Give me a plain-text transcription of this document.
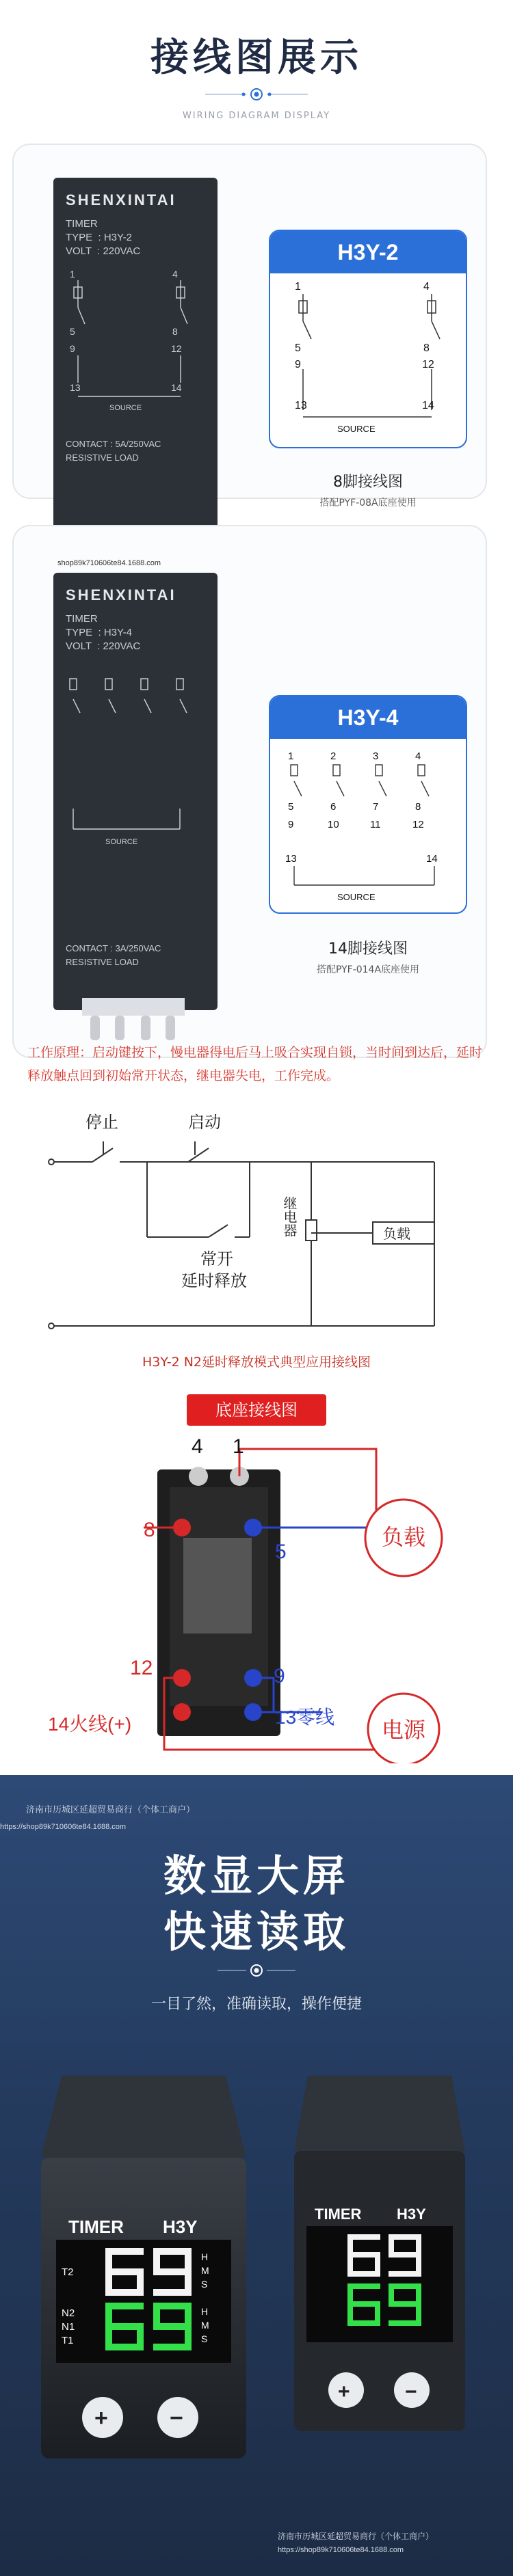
接线图展示
WIRING DIAGRAM DISPLAY
SHENXINTAI
TIMER
TYPE  : H3Y-2
VOLT  : 220VAC
1	4
5	8
9	12
13	14
SOURCE
CONTACT : 5A/250VAC
RESISTIVE LOAD
H3Y-2
1	4
5	8
9	12
13	14
SOURCE
8脚接线图
搭配PYF-08A底座使用
SHENXINTAI
shop89k710606te84.1688.com
TIMER
TYPE  : H3Y-4
VOLT  : 220VAC
SOURCE
CONTACT : 3A/250VAC
RESISTIVE LOAD
H3Y-4
1	2	3	4
5	6	7	8
9	10	11	12
13	14
SOURCE
14脚接线图
搭配PYF-014A底座使用
工作原理：启动键按下，慢电器得电后马上吸合实现自锁，当时间到达后，延时释放触点回到初始常开状态，继电器失电，工作完成。
停止	启动
常开
延时释放
负载
继电器
H3Y-2 N2延时释放模式典型应用接线图
底座接线图
4 1
8
5
12	9
14火线(+)	13零线
负载
电源
济南市历城区延超贸易商行（个体工商户）
https://shop89k710606te84.1688.com
数显大屏
快速读取
一目了然，准确读取，操作便捷
TIMER H3Y
T2
N2
N1
T1
H
M
S
H
M
S
+	−
TIMER H3Y
+	−
济南市历城区延超贸易商行（个体工商户）
https://shop89k710606te84.1688.com
